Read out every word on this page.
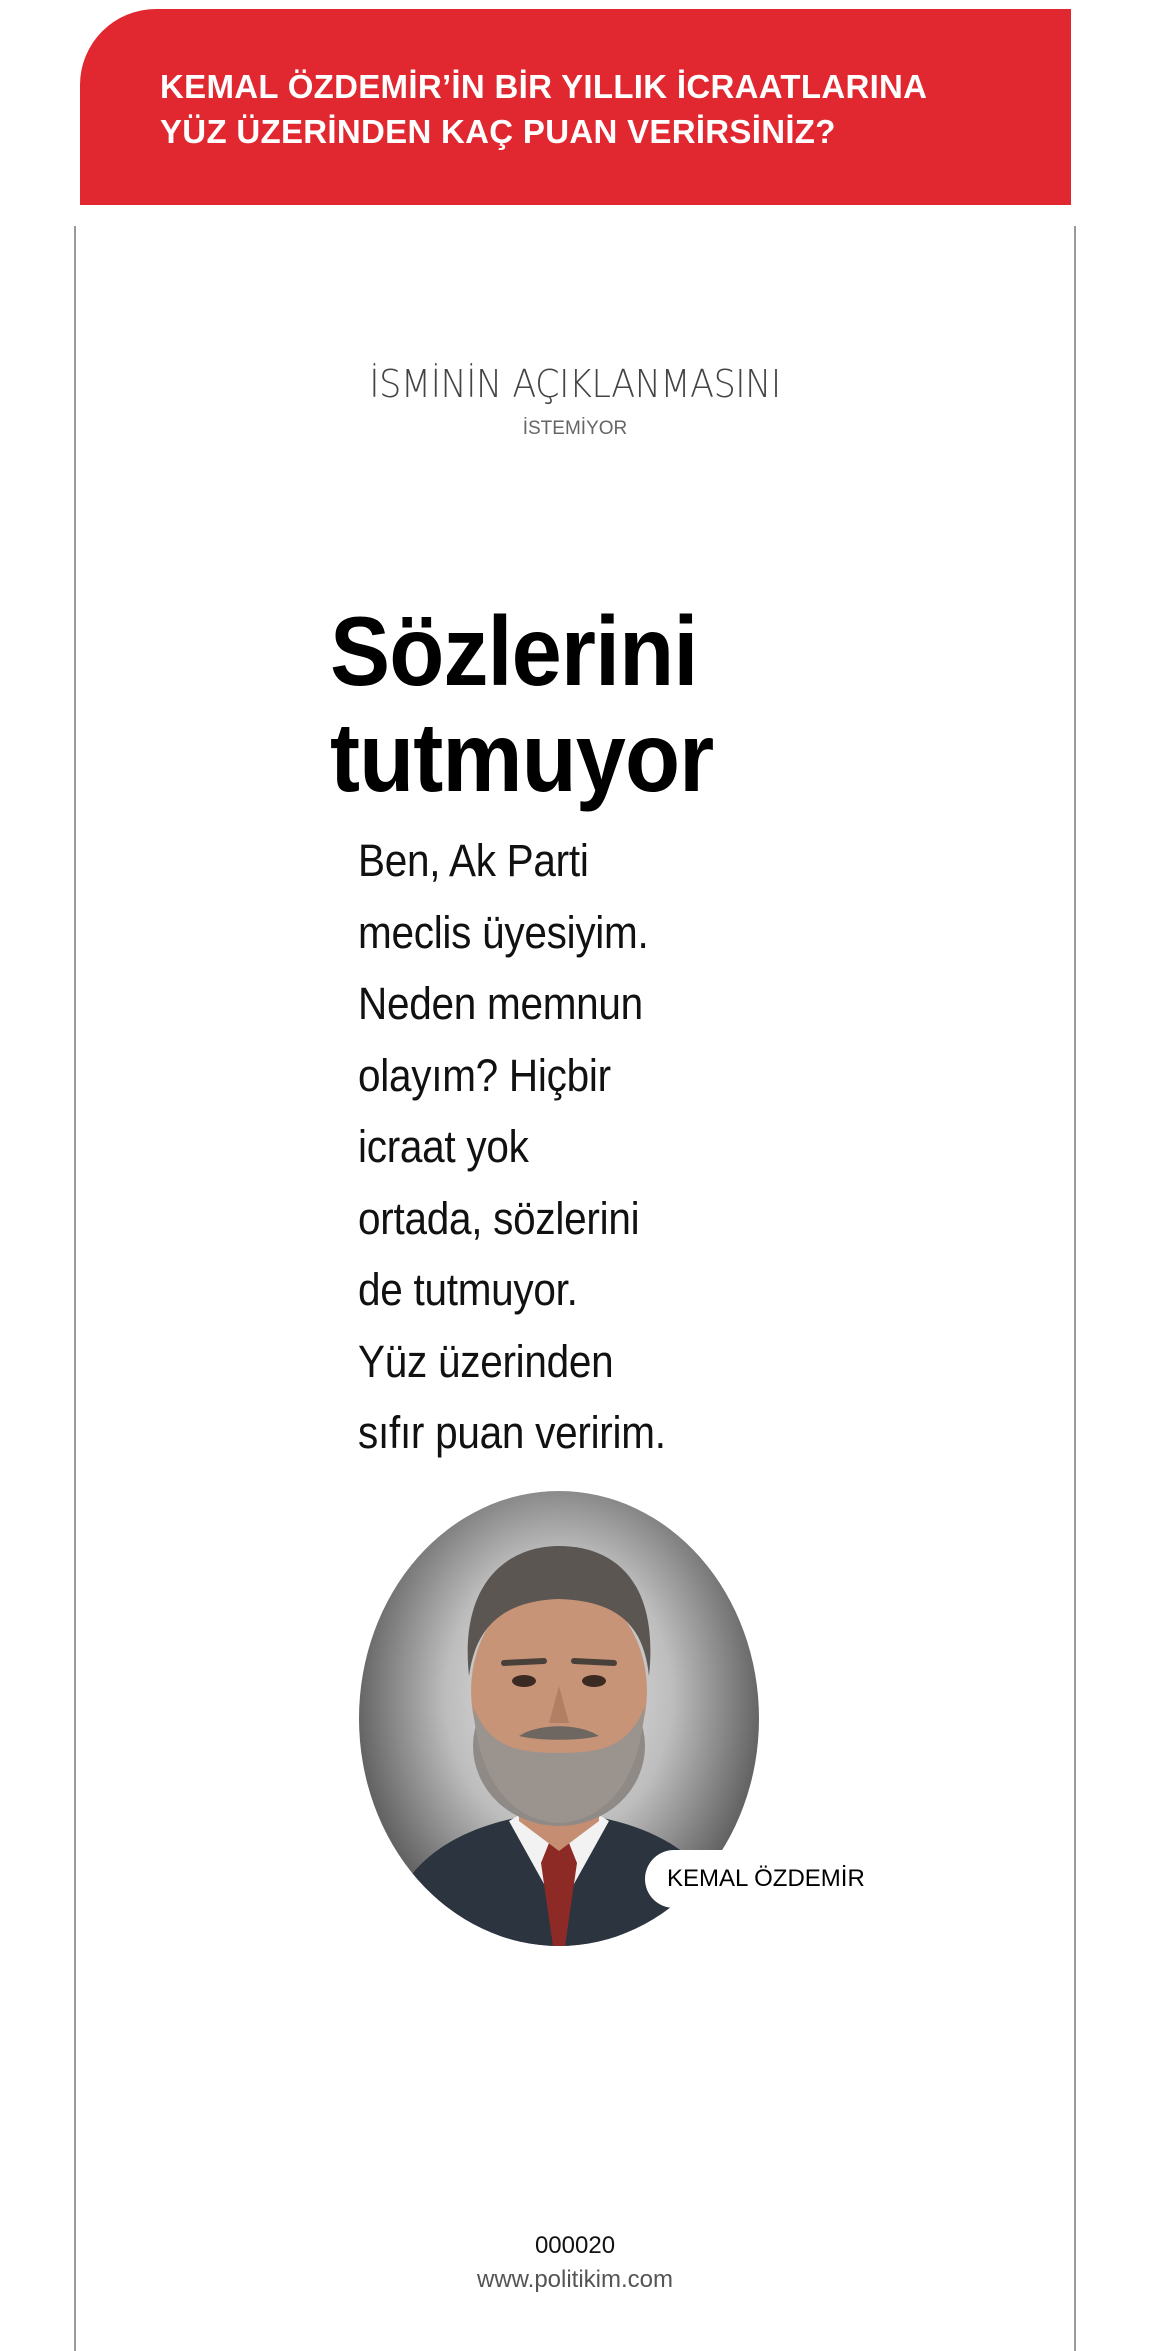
KEMAL ÖZDEMİR’İN BİR YILLIK İCRAATLARINA
YÜZ ÜZERİNDEN KAÇ PUAN VERİRSİNİZ?

İSMİNİN AÇIKLANMASINI
İSTEMİYOR
Sözlerini
tutmuyor

Ben, Ak Parti
meclis üyesiyim.
Neden memnun
olayım? Hiçbir
icraat yok
ortada, sözlerini
de tutmuyor.
Yüz üzerinden
sıfır puan veririm.

KEMAL ÖZDEMİR
000020
www.politikim.com
